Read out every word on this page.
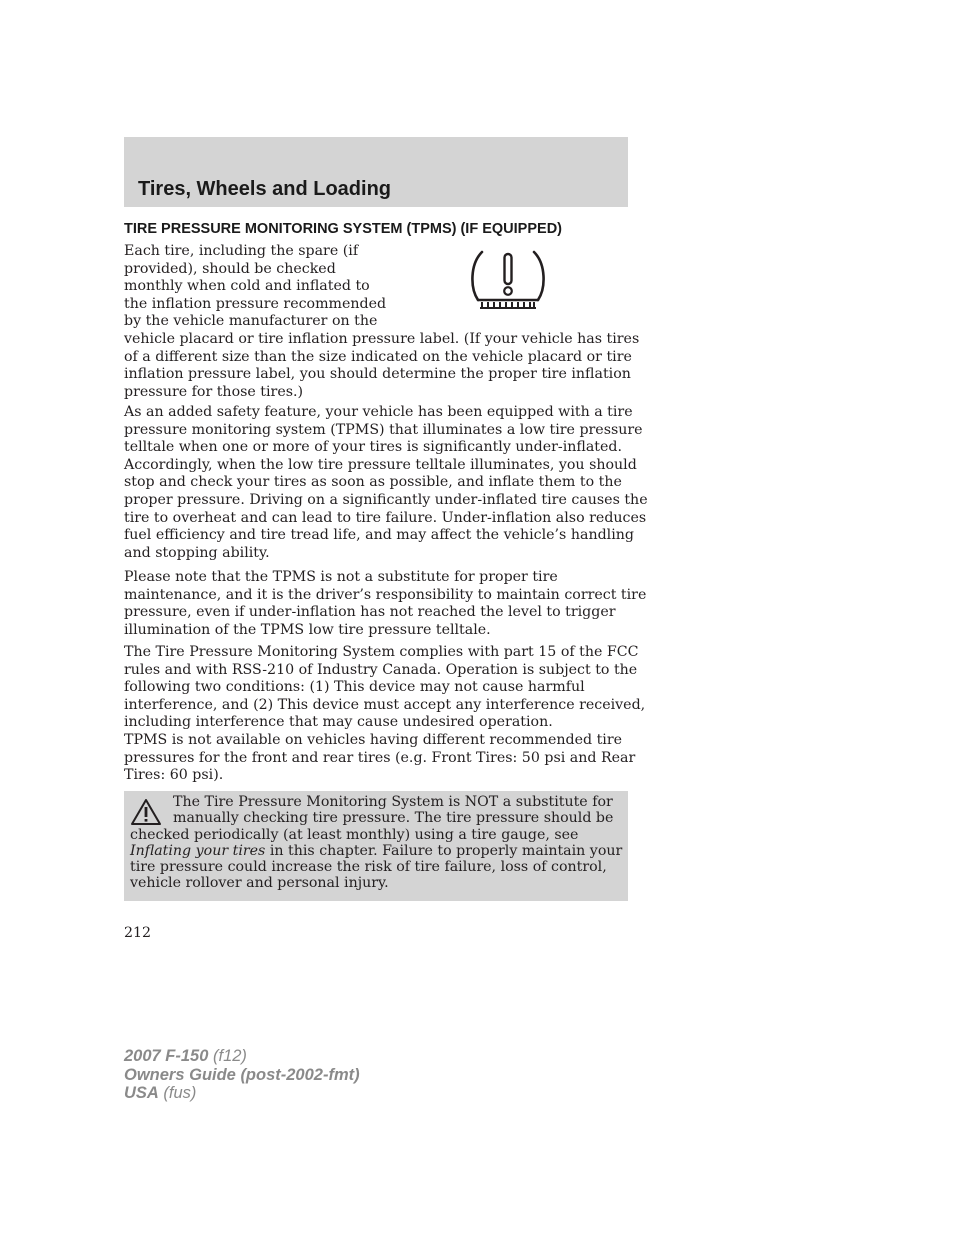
Tires, Wheels and Loading
TIRE PRESSURE MONITORING SYSTEM (TPMS) (IF EQUIPPED)
Each tire, including the spare (if
provided), should be checked
monthly when cold and inflated to
the inflation pressure recommended
by the vehicle manufacturer on the
vehicle placard or tire inflation pressure label. (If your vehicle has tires
of a different size than the size indicated on the vehicle placard or tire
inflation pressure label, you should determine the proper tire inflation
pressure for those tires.)
As an added safety feature, your vehicle has been equipped with a tire
pressure monitoring system (TPMS) that illuminates a low tire pressure
telltale when one or more of your tires is significantly under-inflated.
Accordingly, when the low tire pressure telltale illuminates, you should
stop and check your tires as soon as possible, and inflate them to the
proper pressure. Driving on a significantly under-inflated tire causes the
tire to overheat and can lead to tire failure. Under-inflation also reduces
fuel efficiency and tire tread life, and may affect the vehicle’s handling
and stopping ability.
Please note that the TPMS is not a substitute for proper tire
maintenance, and it is the driver’s responsibility to maintain correct tire
pressure, even if under-inflation has not reached the level to trigger
illumination of the TPMS low tire pressure telltale.
The Tire Pressure Monitoring System complies with part 15 of the FCC
rules and with RSS-210 of Industry Canada. Operation is subject to the
following two conditions: (1) This device may not cause harmful
interference, and (2) This device must accept any interference received,
including interference that may cause undesired operation.
TPMS is not available on vehicles having different recommended tire
pressures for the front and rear tires (e.g. Front Tires: 50 psi and Rear
Tires: 60 psi).
The Tire Pressure Monitoring System is NOT a substitute for
manually checking tire pressure. The tire pressure should be
checked periodically (at least monthly) using a tire gauge, see
Inflating your tires in this chapter. Failure to properly maintain your
tire pressure could increase the risk of tire failure, loss of control,
vehicle rollover and personal injury.

212

2007 F-150 (f12)
Owners Guide (post-2002-fmt)
USA (fus)
